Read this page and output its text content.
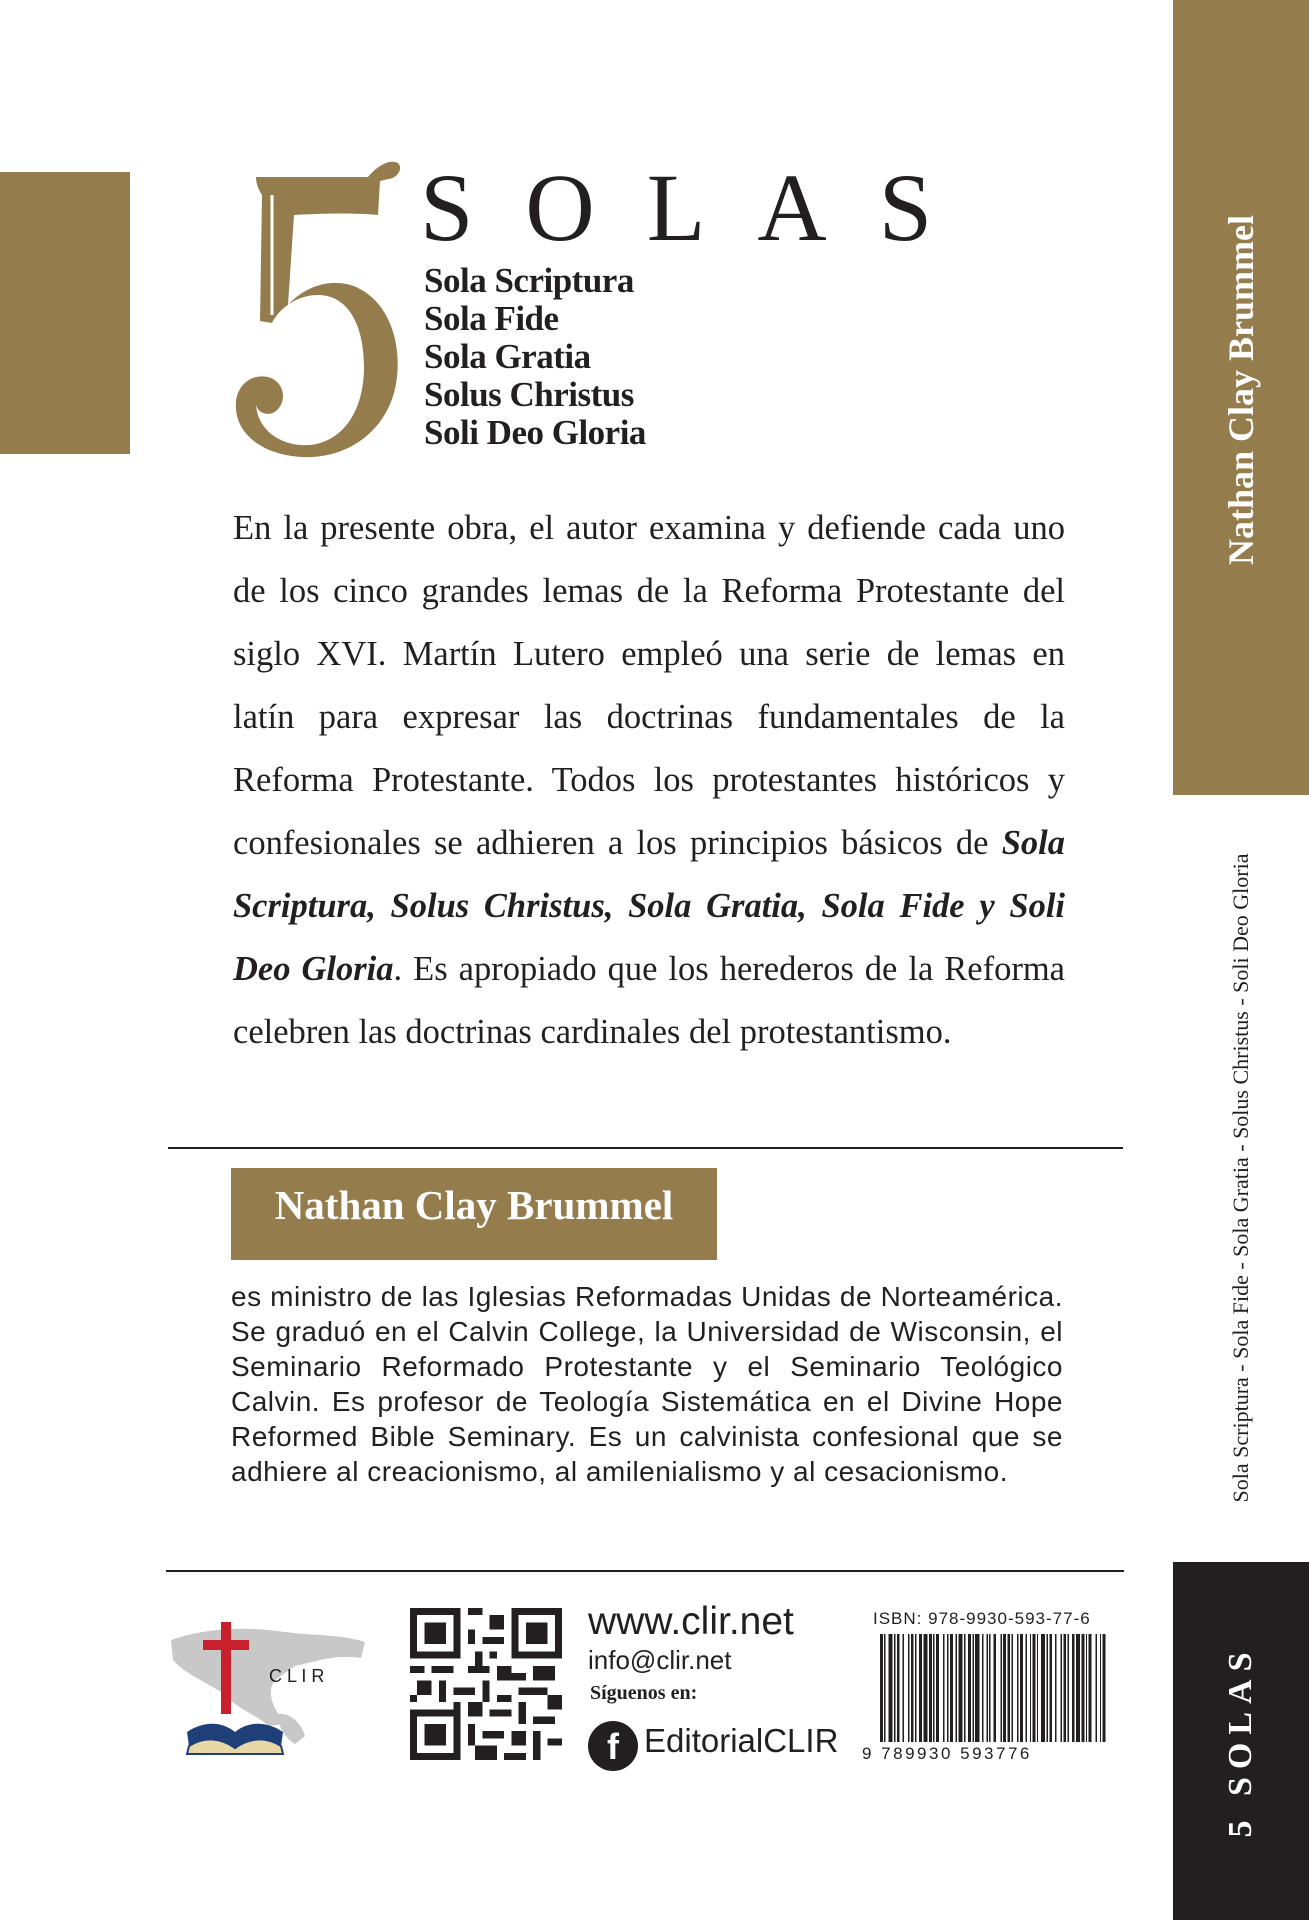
Nathan Clay Brummel
Sola Scriptura - Sola Fide - Sola Gratia - Solus Christus - Soli Deo Gloria
5 SOLAS
SOLAS
Sola Scriptura
Sola Fide
Sola Gratia
Solus Christus
Soli Deo Gloria
En la presente obra, el autor examina y defiende cada uno de los cinco grandes lemas de la Reforma Protestante del siglo XVI. Martín Lutero empleó una serie de lemas en latín para expresar las doctrinas fundamentales de la Reforma Protestante. Todos los protestantes históricos y confesionales se adhieren a los principios básicos de Sola Scriptura, Solus Christus, Sola Gratia, Sola Fide y Soli Deo Gloria. Es apropiado que los herederos de la Reforma celebren las doctrinas cardinales del protestantismo.
Nathan Clay Brummel
es ministro de las Iglesias Reformadas Unidas de Norteamérica. Se graduó en el Calvin College, la Universidad de Wisconsin, el Seminario Reformado Protestante y el Seminario Teológico Calvin. Es profesor de Teología Sistemática en el Divine Hope Reformed Bible Seminary. Es un calvinista confesional que se adhiere al creacionismo, al amilenialismo y al cesacionismo.
C L I R
www.clir.net
info@clir.net
Síguenos en:
f EditorialCLIR
ISBN: 978-9930-593-77-6
9 789930 593776
